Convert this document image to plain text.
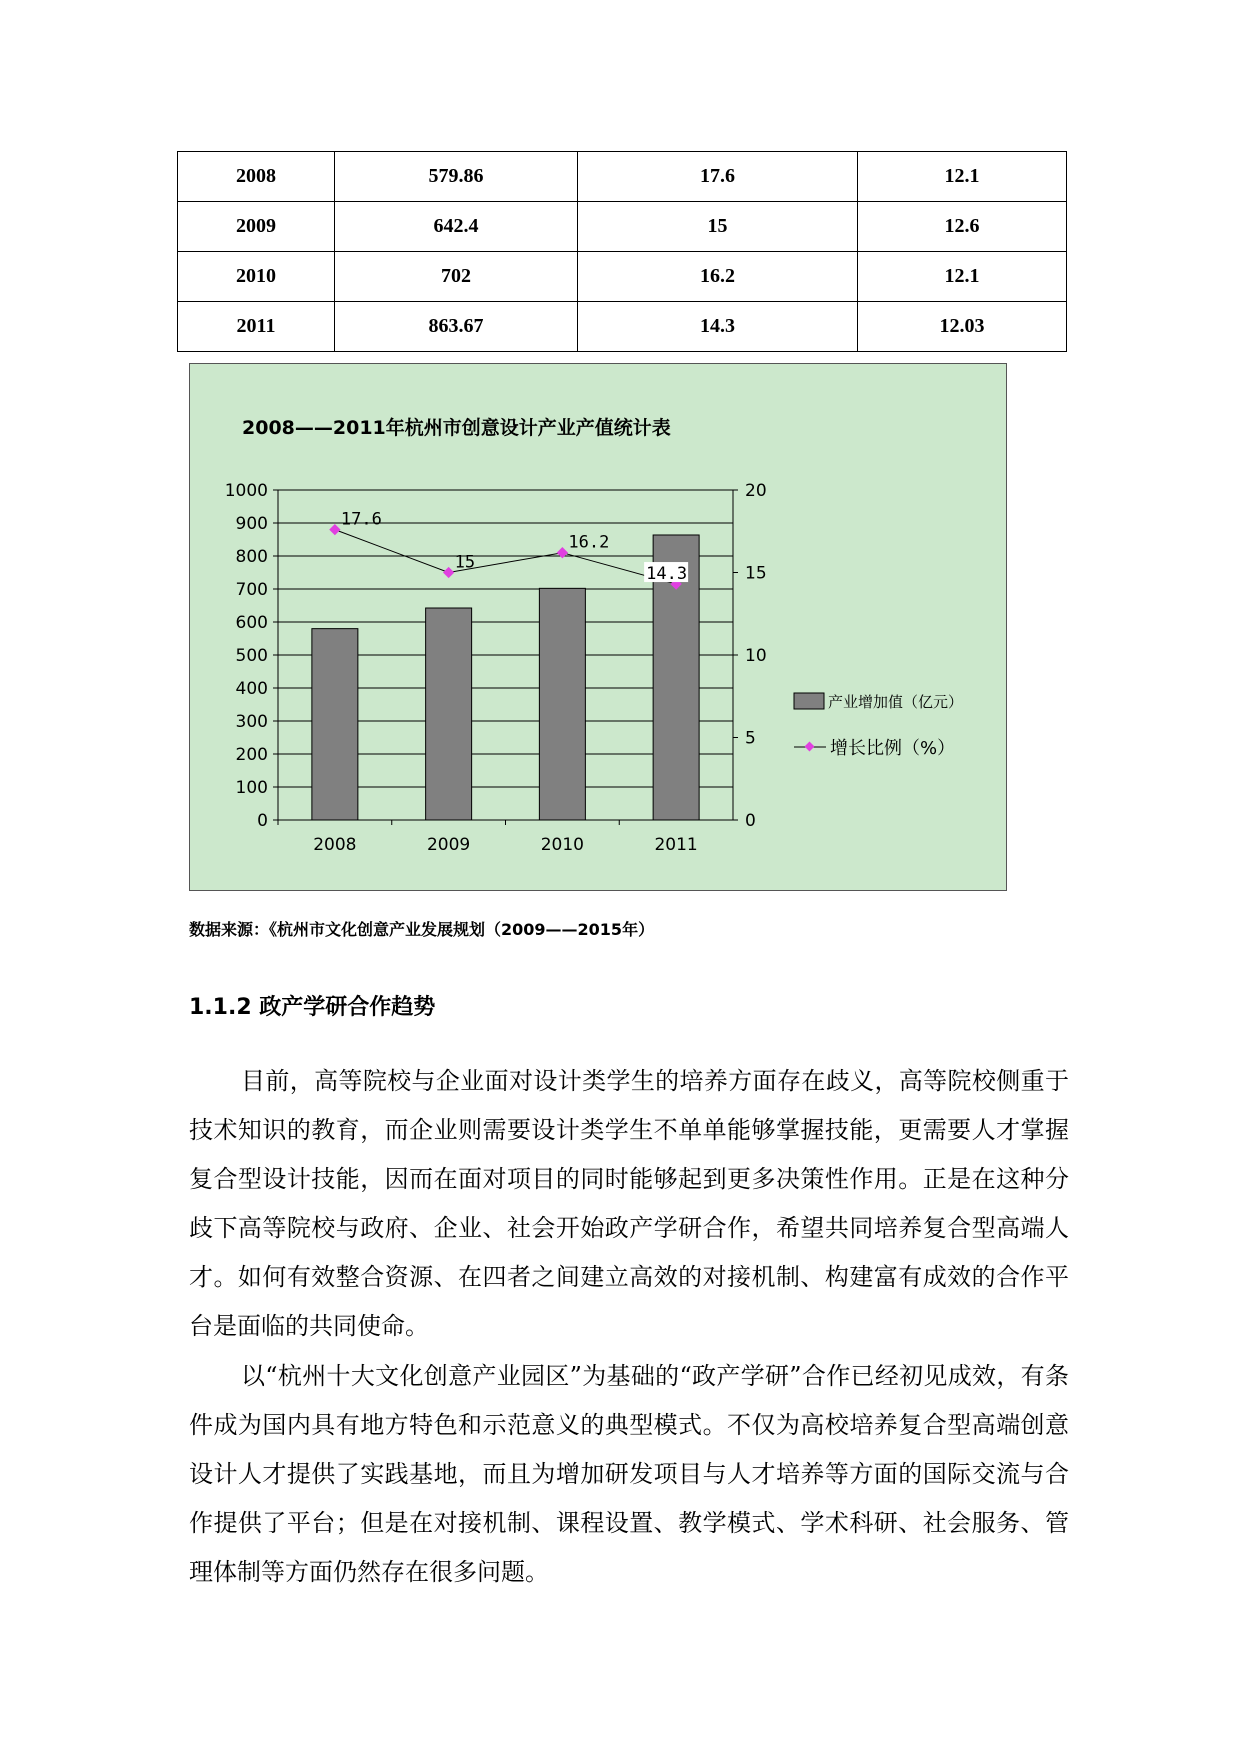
2008	579.86	17.6	12.1
2009	642.4	15	12.6
2010	702	16.2	12.1
2011	863.67	14.3	12.03
2008——2011年杭州市创意设计产业产值统计表
0
100
200
300
400
500
600
700
800
900
1000
0
5
10
15
20
2008	2009	2010	2011
17.6
15
16.2
14.3
产业增加值（亿元）
增长比例（%）
数据来源：《杭州市文化创意产业发展规划（2009——2015年）
1.1.2 政产学研合作趋势

目前，高等院校与企业面对设计类学生的培养方面存在歧义，高等院校侧重于技术知识的教育，而企业则需要设计类学生不单单能够掌握技能，更需要人才掌握复合型设计技能，因而在面对项目的同时能够起到更多决策性作用。正是在这种分歧下高等院校与政府、企业、社会开始政产学研合作，希望共同培养复合型高端人才。如何有效整合资源、在四者之间建立高效的对接机制、构建富有成效的合作平台是面临的共同使命。

以“杭州十大文化创意产业园区”为基础的“政产学研”合作已经初见成效，有条件成为国内具有地方特色和示范意义的典型模式。不仅为高校培养复合型高端创意设计人才提供了实践基地，而且为增加研发项目与人才培养等方面的国际交流与合作提供了平台；但是在对接机制、课程设置、教学模式、学术科研、社会服务、管理体制等方面仍然存在很多问题。
